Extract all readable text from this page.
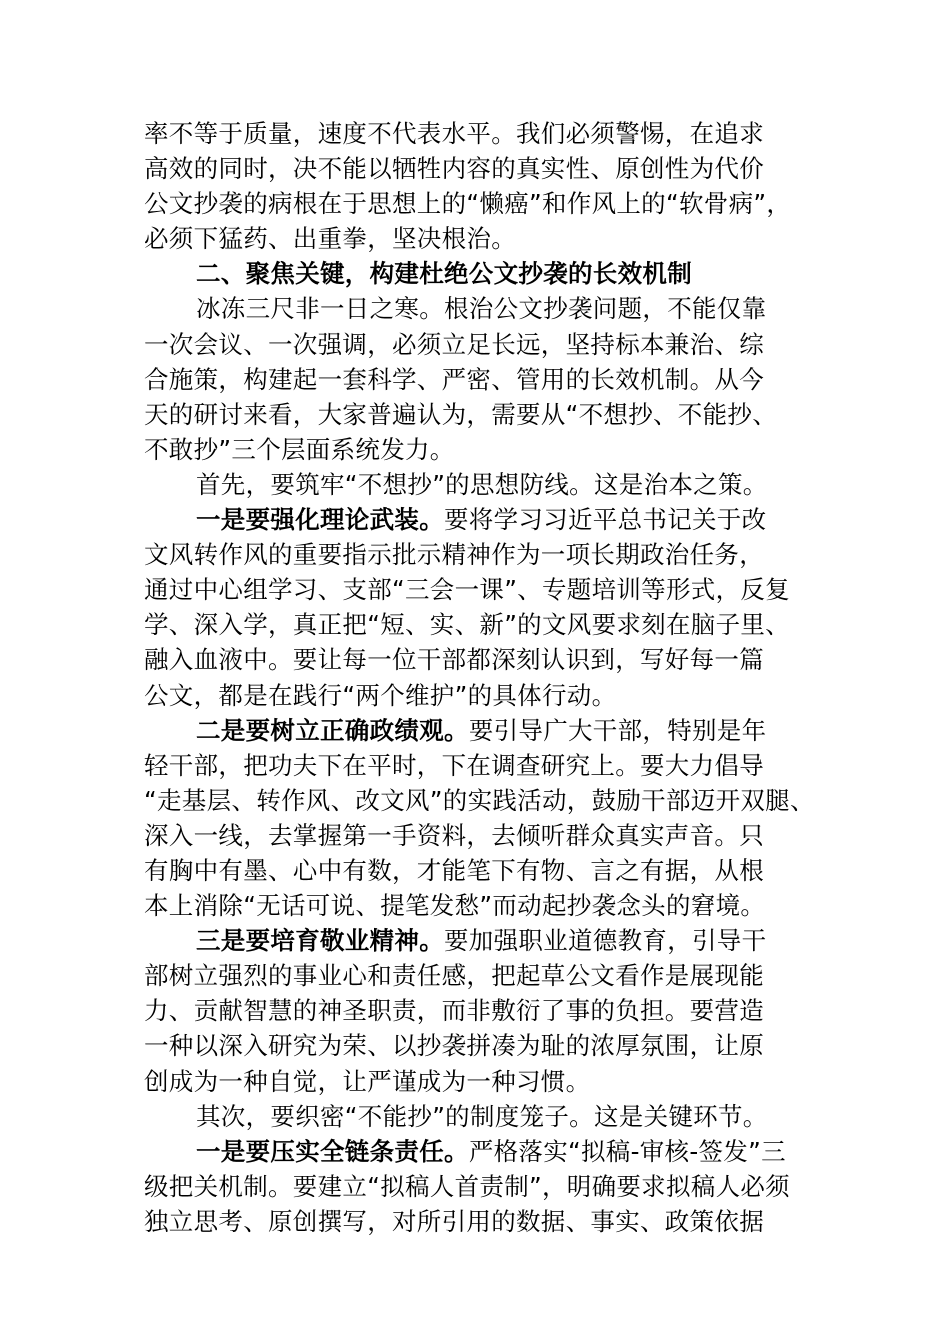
率不等于质量，速度不代表水平。我们必须警惕，在追求
高效的同时，决不能以牺牲内容的真实性、原创性为代价
公文抄袭的病根在于思想上的“懒癌”和作风上的“软骨病”，
必须下猛药、出重拳，坚决根治。
二、聚焦关键，构建杜绝公文抄袭的长效机制
冰冻三尺非一日之寒。根治公文抄袭问题，不能仅靠
一次会议、一次强调，必须立足长远，坚持标本兼治、综
合施策，构建起一套科学、严密、管用的长效机制。从今
天的研讨来看，大家普遍认为，需要从“不想抄、不能抄、
不敢抄”三个层面系统发力。
首先，要筑牢“不想抄”的思想防线。这是治本之策。
一是要强化理论武装。要将学习习近平总书记关于改
文风转作风的重要指示批示精神作为一项长期政治任务，
通过中心组学习、支部“三会一课”、专题培训等形式，反复
学、深入学，真正把“短、实、新”的文风要求刻在脑子里、
融入血液中。要让每一位干部都深刻认识到，写好每一篇
公文，都是在践行“两个维护”的具体行动。
二是要树立正确政绩观。要引导广大干部，特别是年
轻干部，把功夫下在平时，下在调查研究上。要大力倡导
“走基层、转作风、改文风”的实践活动，鼓励干部迈开双腿、
深入一线，去掌握第一手资料，去倾听群众真实声音。只
有胸中有墨、心中有数，才能笔下有物、言之有据，从根
本上消除“无话可说、提笔发愁”而动起抄袭念头的窘境。
三是要培育敬业精神。要加强职业道德教育，引导干
部树立强烈的事业心和责任感，把起草公文看作是展现能
力、贡献智慧的神圣职责，而非敷衍了事的负担。要营造
一种以深入研究为荣、以抄袭拼凑为耻的浓厚氛围，让原
创成为一种自觉，让严谨成为一种习惯。
其次，要织密“不能抄”的制度笼子。这是关键环节。
一是要压实全链条责任。严格落实“拟稿-审核-签发”三
级把关机制。要建立“拟稿人首责制”，明确要求拟稿人必须
独立思考、原创撰写，对所引用的数据、事实、政策依据
